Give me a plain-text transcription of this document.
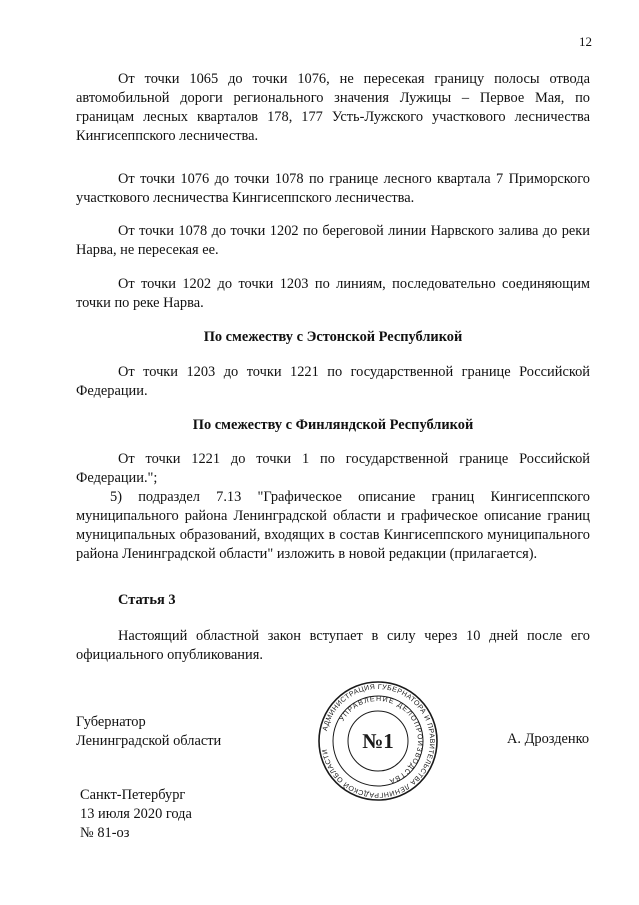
12
От точки 1065 до точки 1076, не пересекая границу полосы отвода автомобильной дороги регионального значения Лужицы – Первое Мая, по границам лесных кварталов 178, 177 Усть-Лужского участкового лесничества Кингисеппского лесничества.
От точки 1076 до точки 1078 по границе лесного квартала 7 Приморского участкового лесничества Кингисеппского лесничества.
От точки 1078 до точки 1202 по береговой линии Нарвского залива до реки Нарва, не пересекая ее.
От точки 1202 до точки 1203 по линиям, последовательно соединяющим точки по реке Нарва.
По смежеству с Эстонской Республикой
От точки 1203 до точки 1221 по государственной границе Российской Федерации.
По смежеству с Финляндской Республикой
От точки 1221 до точки 1 по государственной границе Российской Федерации.";
5) подраздел 7.13 "Графическое описание границ Кингисеппского муниципального района Ленинградской области и графическое описание границ муниципальных образований, входящих в состав Кингисеппского муниципального района Ленинградской области" изложить в новой редакции (прилагается).
Статья 3
Настоящий областной закон вступает в силу через 10 дней после его официального опубликования.
Губернатор
Ленинградской области
АДМИНИСТРАЦИЯ ГУБЕРНАТОРА И ПРАВИТЕЛЬСТВА ЛЕНИНГРАДСКОЙ ОБЛАСТИ
УПРАВЛЕНИЕ ДЕЛОПРОИЗВОДСТВА
№1	А. Дрозденко
Санкт-Петербург
13 июля 2020 года
№ 81-оз
